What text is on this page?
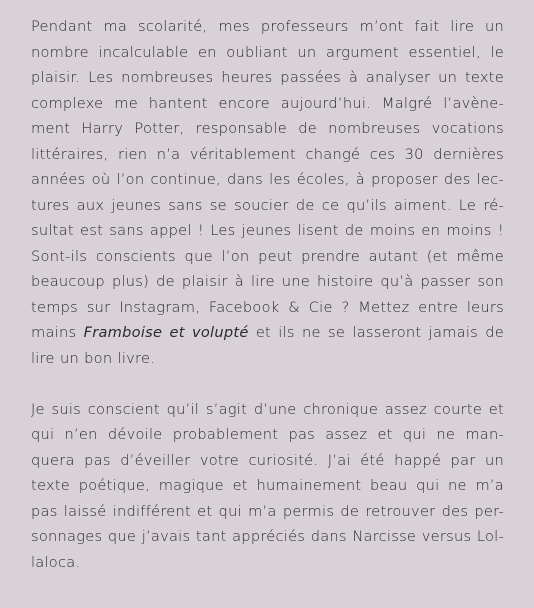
Pendant ma scolarité, mes professeurs m’ont fait lire un
nombre incalculable en oubliant un argument essentiel, le
plaisir. Les nombreuses heures passées à analyser un texte
complexe me hantent encore aujourd’hui. Malgré l’avène-
ment Harry Potter, responsable de nombreuses vocations
littéraires, rien n’a véritablement changé ces 30 dernières
années où l’on continue, dans les écoles, à proposer des lec-
tures aux jeunes sans se soucier de ce qu’ils aiment. Le ré-
sultat est sans appel ! Les jeunes lisent de moins en moins !
Sont-ils conscients que l’on peut prendre autant (et même
beaucoup plus) de plaisir à lire une histoire qu’à passer son
temps sur Instagram, Facebook & Cie ? Mettez entre leurs
mains Framboise et volupté et ils ne se lasseront jamais de
lire un bon livre.
Je suis conscient qu’il s’agit d’une chronique assez courte et
qui n’en dévoile probablement pas assez et qui ne man-
quera pas d’éveiller votre curiosité. J’ai été happé par un
texte poétique, magique et humainement beau qui ne m’a
pas laissé indifférent et qui m’a permis de retrouver des per-
sonnages que j’avais tant appréciés dans Narcisse versus Lol-
laloca.
